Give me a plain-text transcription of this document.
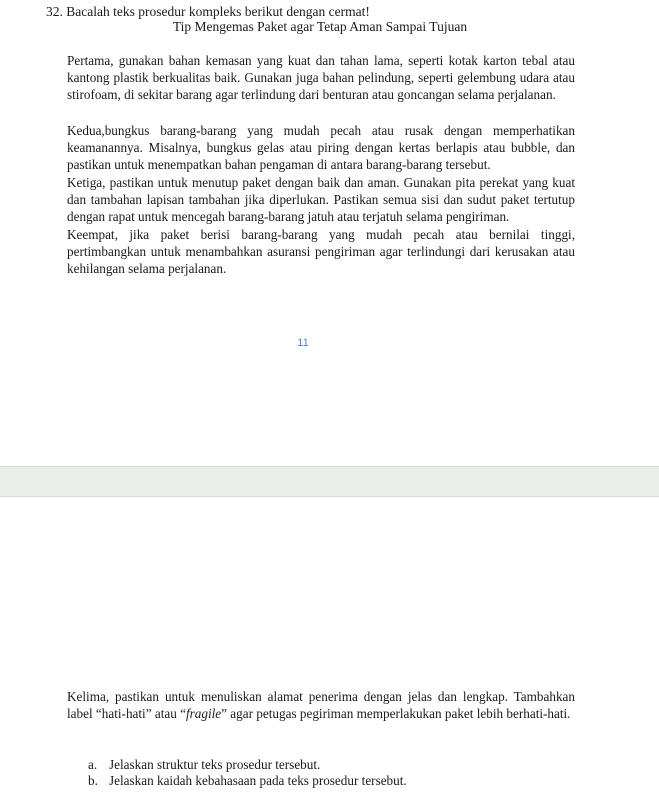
32. Bacalah teks prosedur kompleks berikut dengan cermat!
Tip Mengemas Paket agar Tetap Aman Sampai Tujuan

Pertama, gunakan bahan kemasan yang kuat dan tahan lama, seperti kotak karton tebal atau kantong plastik berkualitas baik. Gunakan juga bahan pelindung, seperti gelembung udara atau stirofoam, di sekitar barang agar terlindung dari benturan atau goncangan selama perjalanan.

Kedua,bungkus barang-barang yang mudah pecah atau rusak dengan memperhatikan keamanannya. Misalnya, bungkus gelas atau piring dengan kertas berlapis atau bubble, dan pastikan untuk menempatkan bahan pengaman di antara barang-barang tersebut.

Ketiga, pastikan untuk menutup paket dengan baik dan aman. Gunakan pita perekat yang kuat dan tambahan lapisan tambahan jika diperlukan. Pastikan semua sisi dan sudut paket tertutup dengan rapat untuk mencegah barang-barang jatuh atau terjatuh selama pengiriman.

Keempat, jika paket berisi barang-barang yang mudah pecah atau bernilai tinggi, pertimbangkan untuk menambahkan asuransi pengiriman agar terlindungi dari kerusakan atau kehilangan selama perjalanan.

11

Kelima, pastikan untuk menuliskan alamat penerima dengan jelas dan lengkap. Tambahkan label “hati-hati” atau “fragile” agar petugas pegiriman memperlakukan paket lebih berhati-hati.

a. Jelaskan struktur teks prosedur tersebut.
b. Jelaskan kaidah kebahasaan pada teks prosedur tersebut.
